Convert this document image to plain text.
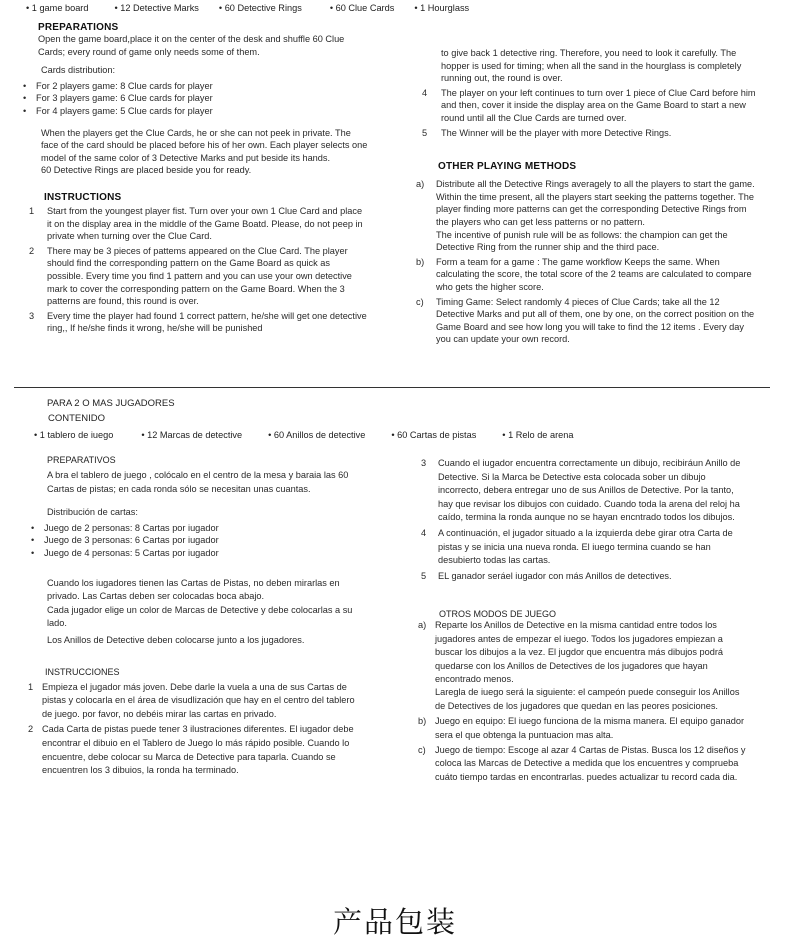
• 1 game board	• 12 Detective Marks • 60 Detective Rings	• 60 Clue Cards • 1 Hourglass
PREPARATIONS

Open the game board,place it on the center of the desk and shuffle 60 Clue Cards; every round of game only needs some of them.

Cards distribution:

• For 2 players game: 8 Clue cards for player
• For 3 players game: 6 Clue cards for player
• For 4 players game: 5 Clue cards for player

When the players get the Clue Cards, he or she can not peek in private. The face of the card should be placed before his of her own. Each player selects one model of the same color of 3 Detective Marks and put beside its hands.

60 Detective Rings are placed beside you for ready.

INSTRUCTIONS
1 Start from the youngest player fist. Turn over your own 1 Clue Card and place it on the display area in the middle of the Game Boatd. Please, do not peep in private when turning over the Clue Card.
2 There may be 3 pieces of pattems appeared on the Clue Card. The player should find the corresponding pattern on the Game Board as quick as possible. Every time you find 1 pattern and you can use your own detective mark to cover the corresponding pattern on the Game Board. When the 3 patterns are found, this round is over.
3 Every time the player had found 1 correct pattern, he/she will get one detective ring,, If he/she finds it wrong, he/she will be punished

to give back 1 detective ring. Therefore, you need to look it carefully. The hopper is used for timing; when all the sand in the hourglass is completely running out, the round is over.

4 The player on your left continues to turn over 1 piece of Clue Card before him and then, cover it inside the display area on the Game Board to start a new round until all the Clue Cards are turned over.
5 The Winner will be the player with more Detective Rings.
OTHER PLAYING METHODS
a) Distribute all the Detective Rings averagely to all the players to start the game. Within the time present, all the players start seeking the patterns together. The player finding more patterns can get the corresponding Detective Rings from the players who can get less patterns or no pattern.

The incentive of punish rule will be as follows: the champion can get the Detective Ring from the runner ship and the third pace.

b) Form a team for a game : The game workflow Keeps the same. When calculating the score, the total score of the 2 teams are calculated to compare who gets the higher score.
c) Timing Game: Select randomly 4 pieces of Clue Cards; take all the 12 Detective Marks and put all of them, one by one, on the correct position on the Game Board and see how long you will take to find the 12 items . Every day you can update your own record.
PARA 2 O MAS JUGADORES
CONTENIDO
• 1 tablero de iuego	• 12 Marcas de detective	• 60 Anillos de detective	• 60 Cartas de pistas	• 1 Relo de arena
PREPARATIVOS

A bra el tablero de juego , colócalo en el centro de la mesa y baraia las 60 Cartas de pistas; en cada ronda sólo se necesitan unas cuantas.

Distribución de cartas:

• Juego de 2 personas: 8 Cartas por iugador
• Juego de 3 personas: 6 Cartas por iugador
• Juego de 4 personas: 5 Cartas por iugador

Cuando los iugadores tienen las Cartas de Pistas, no deben mirarlas en privado. Las Cartas deben ser colocadas boca abajo.

Cada jugador elige un color de Marcas de Detective y debe colocarlas a su lado.

Los Anillos de Detective deben colocarse junto a los jugadores.

INSTRUCCIONES
1 Empieza el jugador más joven. Debe darle la vuela a una de sus Cartas de pistas y colocarla en el área de visudlización que hay en el centro del tablero de juego. por favor, no debéis mirar las cartas en privado.
2 Cada Carta de pistas puede tener 3 ilustraciones diferentes. El iugador debe encontrar el dibuio en el Tablero de Juego lo más rápido posible. Cuando lo encuentre, debe colocar su Marca de Detective para taparla. Cuando se encuentren los 3 dibuios, la ronda ha terminado.
3 Cuando el iugador encuentra correctamente un dibujo, recibiráun Anillo de Detective. Si la Marca be Detective esta colocada sober un dibujo incorrecto, debera entregar uno de sus Anillos de Detective. Por la tanto, hay que revisar los dibujos con cuidado. Cuando toda la arena del reloj ha caído, termina la ronda aunque no se hayan encntrado todos los dibujos.
4 A continuación, el jugador situado a la izquierda debe girar otra Carta de pistas y se inicia una nueva ronda. El iuego termina cuando se han desubierto todas las cartas.
5 EL ganador seráel iugador con más Anillos de detectives.
OTROS MODOS DE JUEGO
a) Reparte los Anillos de Detective en la misma cantidad entre todos los jugadores antes de empezar el iuego. Todos los jugadores empiezan a buscar los dibujos a la vez. El jugdor que encuentra más dibujos podrá quedarse con los Anillos de Detectives de los jugadores que hayan encontrado menos.

Laregla de iuego será la siguiente: el campeón puede conseguir los Anillos de Detectives de los jugadores que quedan en las peores posiciones.

b) Juego en equipo: El iuego funciona de la misma manera. El equipo ganador sera el que obtenga la puntuacion mas alta.
c) Juego de tiempo: Escoge al azar 4 Cartas de Pistas. Busca los 12 diseños y coloca las Marcas de Detective a medida que los encuentres y comprueba cuáto tiempo tardas en encontrarlas. puedes actualizar tu record cada dia.
产品包装
